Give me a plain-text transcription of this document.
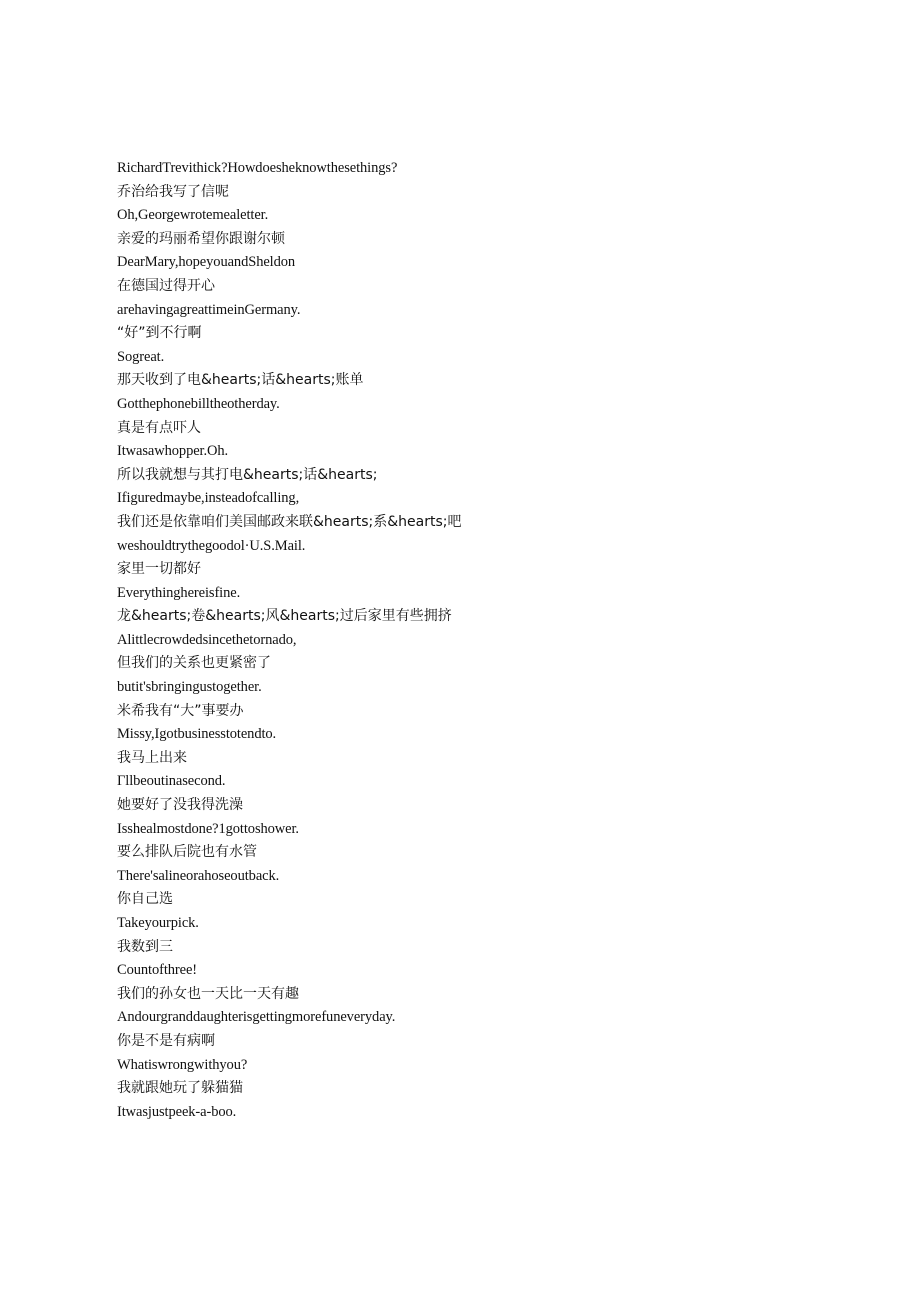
RichardTrevithick?Howdoesheknowthesethings?
乔治给我写了信呢
Oh,Georgewrotemealetter.
亲爱的玛丽希望你跟谢尔顿
DearMary,hopeyouandSheldon
在德国过得开心
arehavingagreattimeinGermany.
“好”到不行啊
Sogreat.
那天收到了电&hearts;话&hearts;账单
Gotthephonebilltheotherday.
真是有点吓人
Itwasawhopper.Oh.
所以我就想与其打电&hearts;话&hearts;
Ifiguredmaybe,insteadofcalling,
我们还是依靠咱们美国邮政来联&hearts;系&hearts;吧
weshouldtrythegoodol·U.S.Mail.
家里一切都好
Everythinghereisfine.
龙&hearts;卷&hearts;风&hearts;过后家里有些拥挤
Alittlecrowdedsincethetornado,
但我们的关系也更紧密了
butit'sbringingustogether.
米希我有“大”事要办
Missy,Igotbusinesstotendto.
我马上出来
Γllbeoutinasecond.
她要好了没我得洗澡
Isshealmostdone?1gottoshower.
要么排队后院也有水管
There'salineorahoseoutback.
你自己选
Takeyourpick.
我数到三
Countofthree!
我们的孙女也一天比一天有趣
Andourgranddaughterisgettingmorefuneveryday.
你是不是有病啊
Whatiswrongwithyou?
我就跟她玩了躲猫猫
Itwasjustpeek-a-boo.
